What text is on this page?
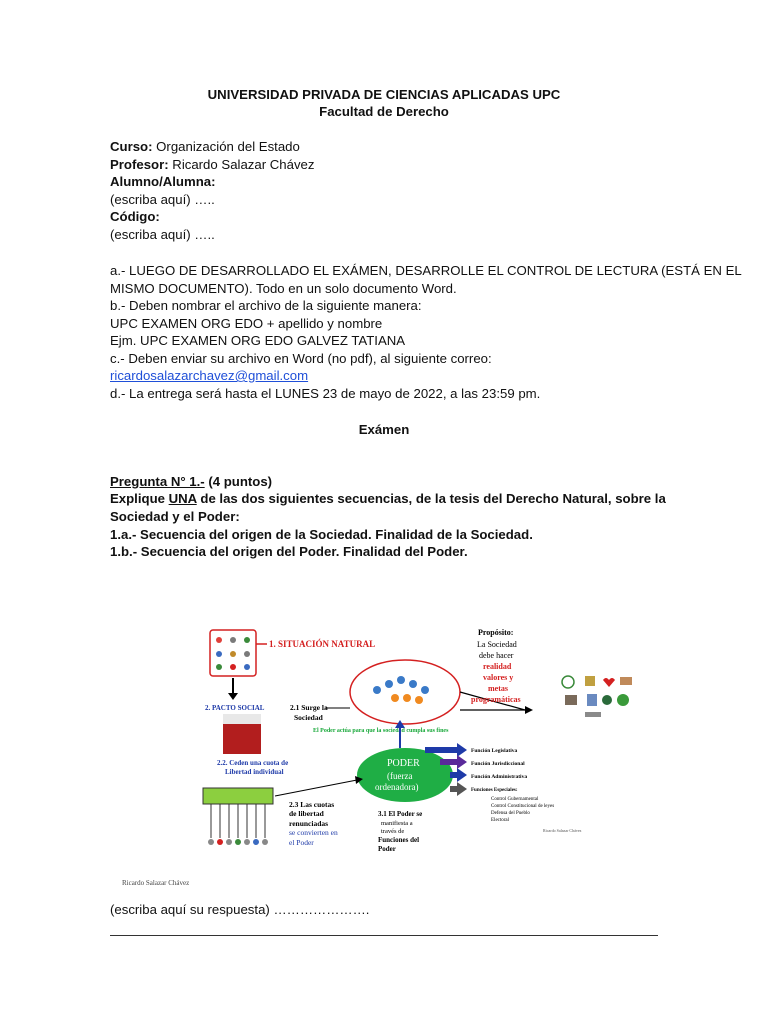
UNIVERSIDAD PRIVADA DE CIENCIAS APLICADAS UPC
Facultad de Derecho
Curso: Organización del Estado
Profesor: Ricardo Salazar Chávez
Alumno/Alumna:
(escriba aquí) …..
Código:
(escriba aquí) …..
a.- LUEGO DE DESARROLLADO EL EXÁMEN, DESARROLLE EL CONTROL DE LECTURA (ESTÁ EN EL
MISMO DOCUMENTO). Todo en un solo documento Word.
b.- Deben nombrar el archivo de la siguiente manera:
UPC EXAMEN ORG EDO + apellido y nombre
Ejm. UPC EXAMEN ORG EDO GALVEZ TATIANA
c.- Deben enviar su archivo en Word (no pdf), al siguiente correo:
ricardosalazarchavez@gmail.com
d.- La entrega será hasta el LUNES 23 de mayo de 2022, a las 23:59 pm.
Exámen
Pregunta N° 1.- (4 puntos)
Explique UNA de las dos siguientes secuencias, de la tesis del Derecho Natural, sobre la
Sociedad y el Poder:
1.a.- Secuencia del origen de la Sociedad. Finalidad de la Sociedad.
1.b.- Secuencia del origen del Poder. Finalidad del Poder.
1. SITUACIÓN NATURAL
2. PACTO SOCIAL
2.2. Ceden una cuota de
Libertad individual
2.1 Surge la
Sociedad
Propósito:
La Sociedad
debe hacer
realidad
valores y
metas
programáticas
El Poder actúa para que la sociedad cumpla sus fines
PODER
(fuerza
ordenadora)
Función Legislativa
Función Jurisdiccional
Función Administrativa
Funciones Especiales:
Control Gubernamental
Control Constitucional de leyes
Defensa del Pueblo
Electoral
Ricardo Salazar Chávez
2.3 Las cuotas
de libertad
renunciadas
se convierten en
el Poder
3.1 El Poder se
manifiesta a
través de
Funciones del
Poder
Ricardo Salazar Chávez
(escriba aquí su respuesta) ………………….
